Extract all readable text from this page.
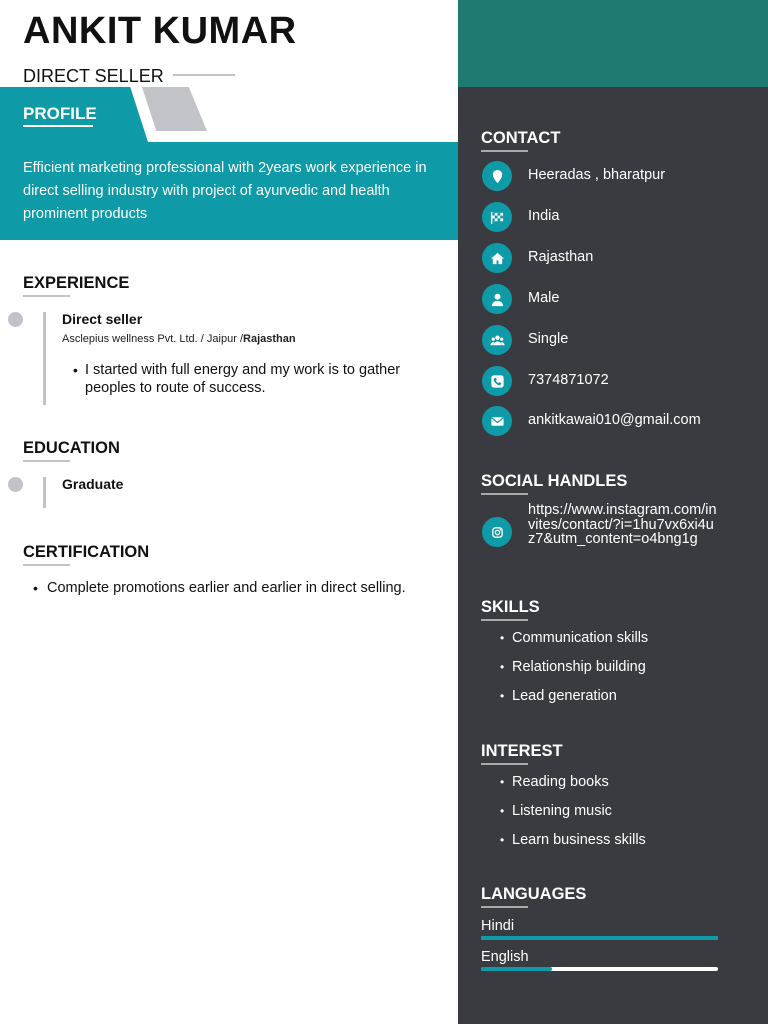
ANKIT KUMAR
DIRECT SELLER
PROFILE
Efficient marketing professional with 2years work experience in direct selling industry with project of ayurvedic and health prominent products
EXPERIENCE
Direct seller
Asclepius wellness Pvt. Ltd. / Jaipur /Rajasthan
• I started with full energy and my work is to gather peoples to route of success.
EDUCATION
Graduate
CERTIFICATION
• Complete promotions earlier and earlier in direct selling.
CONTACT
Heeradas , bharatpur
India
Rajasthan
Male
Single
7374871072
ankitkawai010@gmail.com
SOCIAL HANDLES
https://www.instagram.com/invites/contact/?i=1hu7vx6xi4uz7&utm_content=o4bng1g
SKILLS
• Communication skills
• Relationship building
• Lead generation
INTEREST
• Reading books
• Listening music
• Learn business skills
LANGUAGES
Hindi
English
